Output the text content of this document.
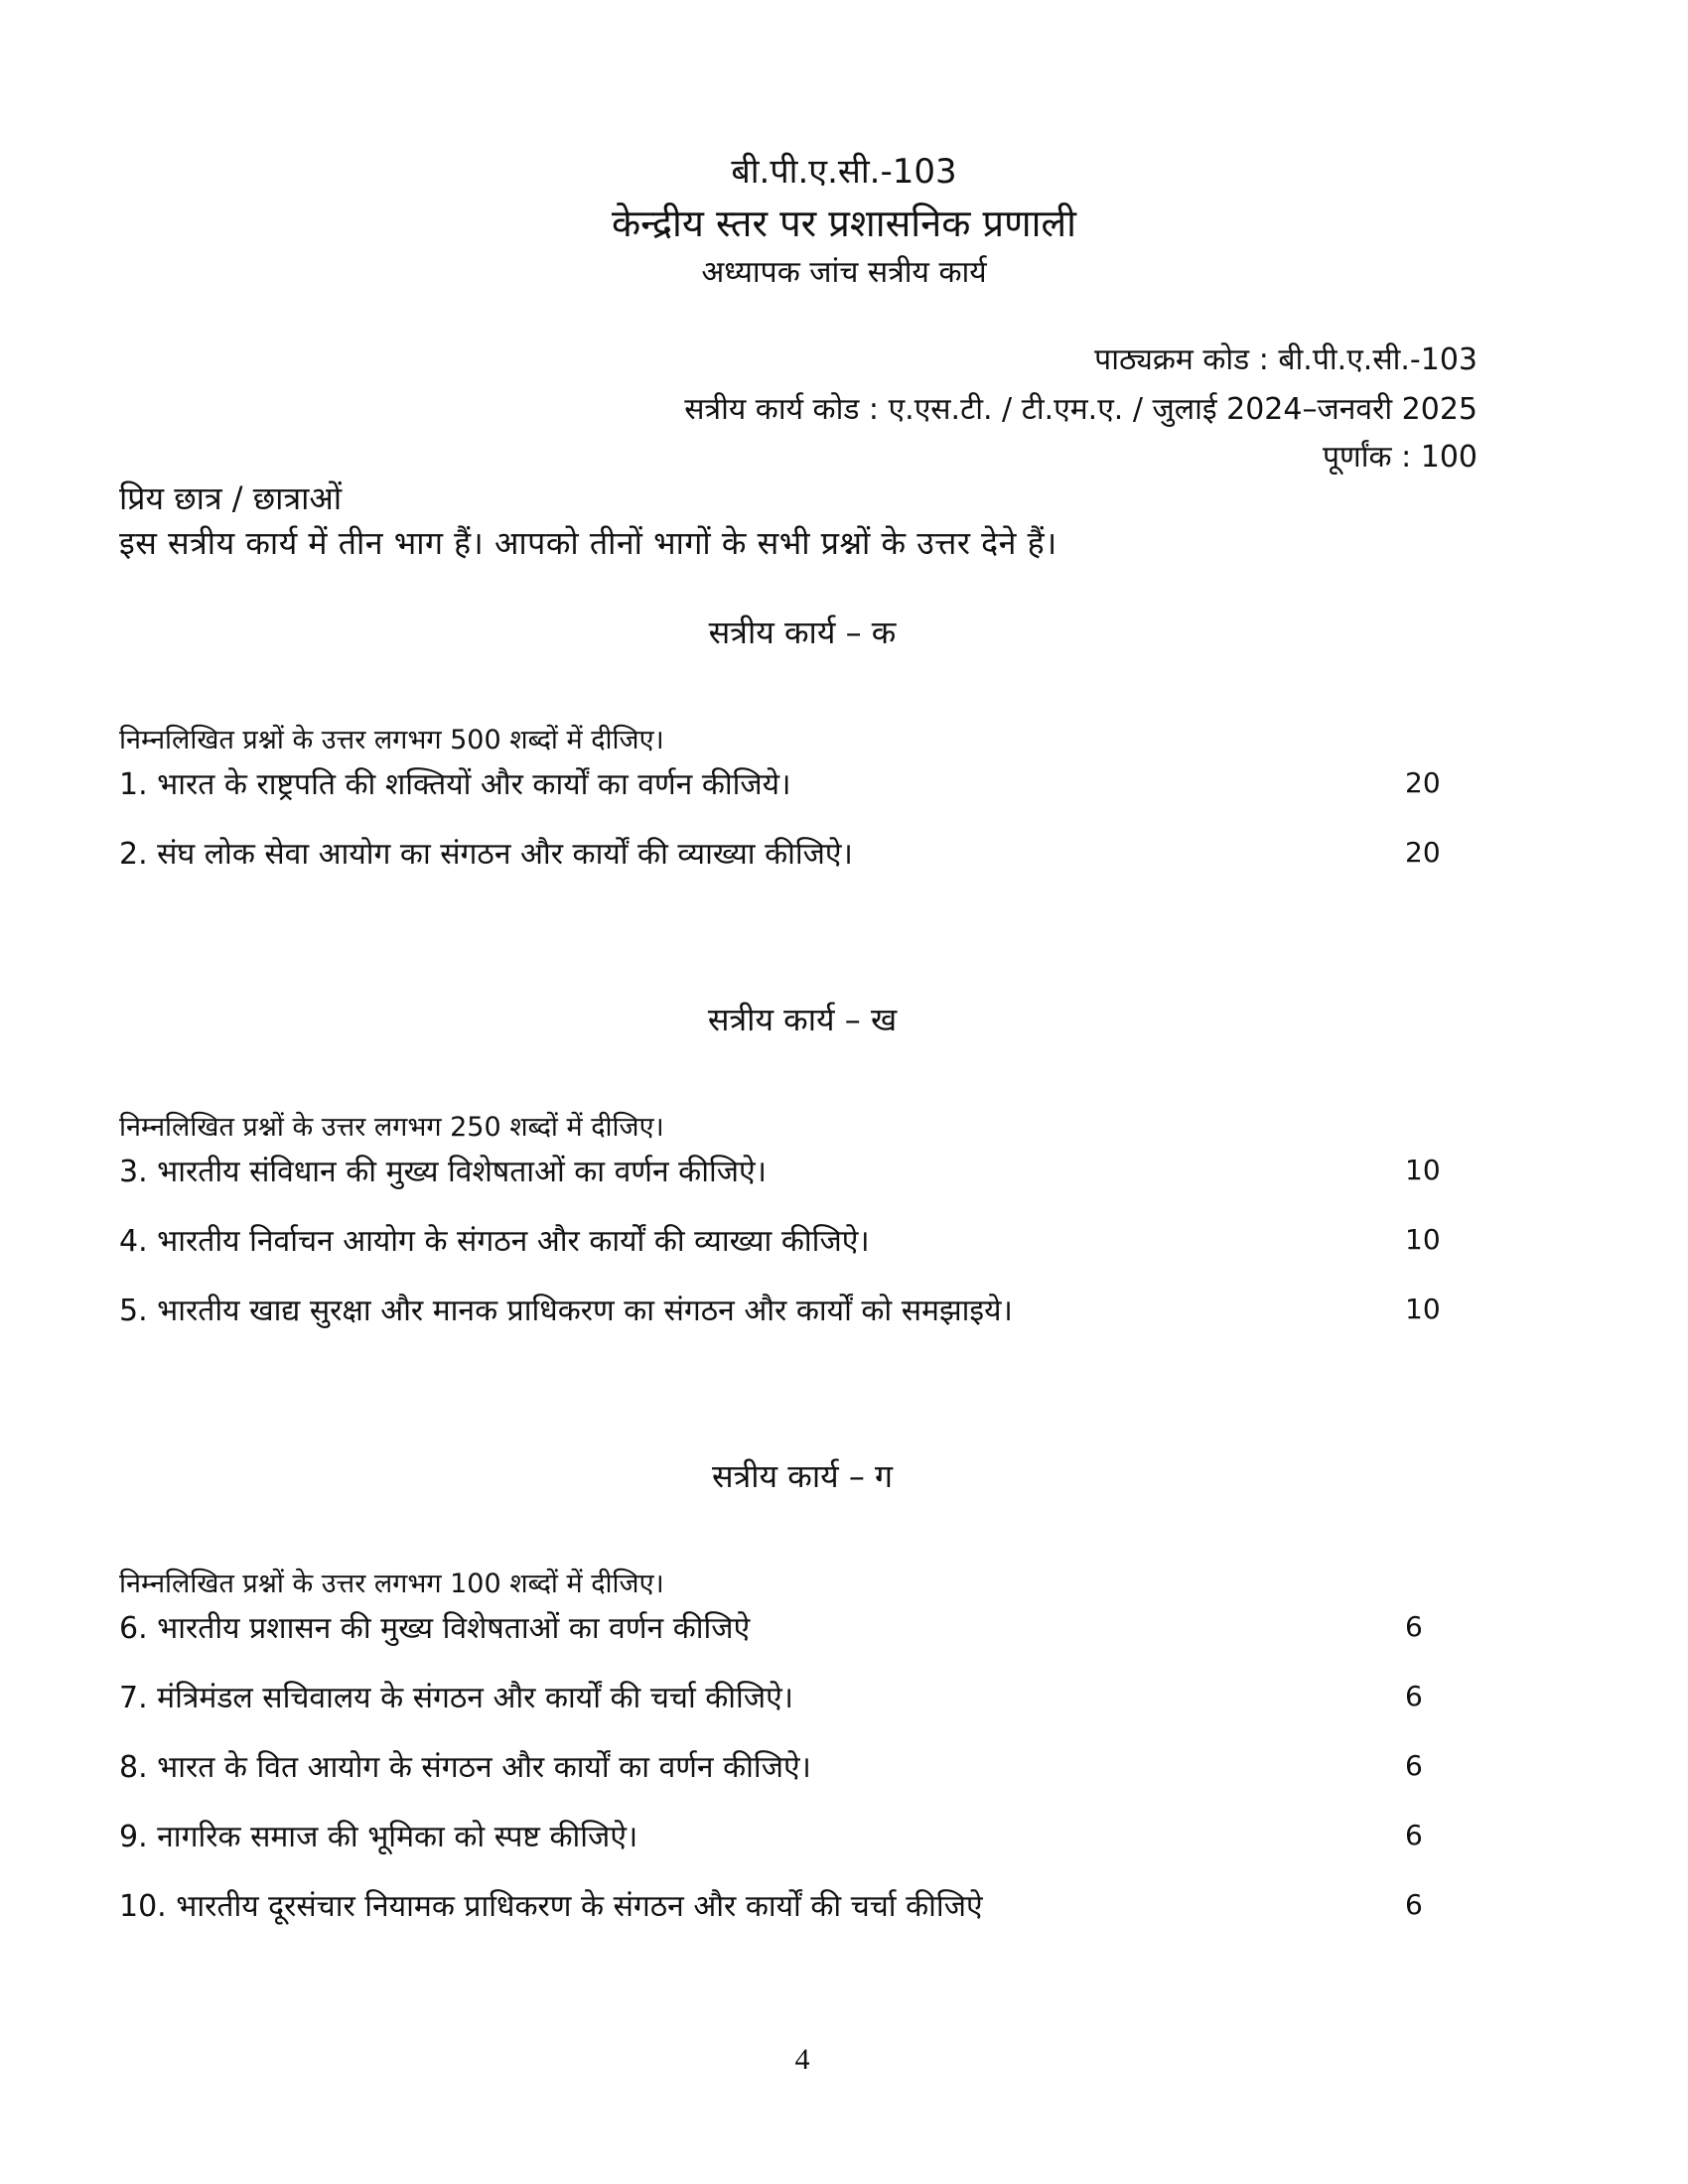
बी.पी.ए.सी.-103
केन्द्रीय स्तर पर प्रशासनिक प्रणाली
अध्यापक जांच सत्रीय कार्य
पाठ्यक्रम कोड : बी.पी.ए.सी.-103
सत्रीय कार्य कोड : ए.एस.टी. / टी.एम.ए. / जुलाई 2024–जनवरी 2025
पूर्णांक : 100
प्रिय छात्र / छात्राओं
इस सत्रीय कार्य में तीन भाग हैं। आपको तीनों भागों के सभी प्रश्नों के उत्तर देने हैं।
सत्रीय कार्य – क
निम्नलिखित प्रश्नों के उत्तर लगभग 500 शब्दों में दीजिए।
1. भारत के राष्ट्रपति की शक्तियों और कार्यों का वर्णन कीजिये।	20
2. संघ लोक सेवा आयोग का संगठन और कार्यों की व्याख्या कीजिऐ।	20
सत्रीय कार्य – ख
निम्नलिखित प्रश्नों के उत्तर लगभग 250 शब्दों में दीजिए।
3. भारतीय संविधान की मुख्य विशेषताओं का वर्णन कीजिऐ।	10
4. भारतीय निर्वाचन आयोग के संगठन और कार्यों की व्याख्या कीजिऐ।	10
5. भारतीय खाद्य सुरक्षा और मानक प्राधिकरण का संगठन और कार्यों को समझाइये।	10
सत्रीय कार्य – ग
निम्नलिखित प्रश्नों के उत्तर लगभग 100 शब्दों में दीजिए।
6. भारतीय प्रशासन की मुख्य विशेषताओं का वर्णन कीजिऐ	6
7. मंत्रिमंडल सचिवालय के संगठन और कार्यों की चर्चा कीजिऐ।	6
8. भारत के वित आयोग के संगठन और कार्यों का वर्णन कीजिऐ।	6
9. नागरिक समाज की भूमिका को स्पष्ट कीजिऐ।	6
10. भारतीय दूरसंचार नियामक प्राधिकरण के संगठन और कार्यों की चर्चा कीजिऐ	6
4
